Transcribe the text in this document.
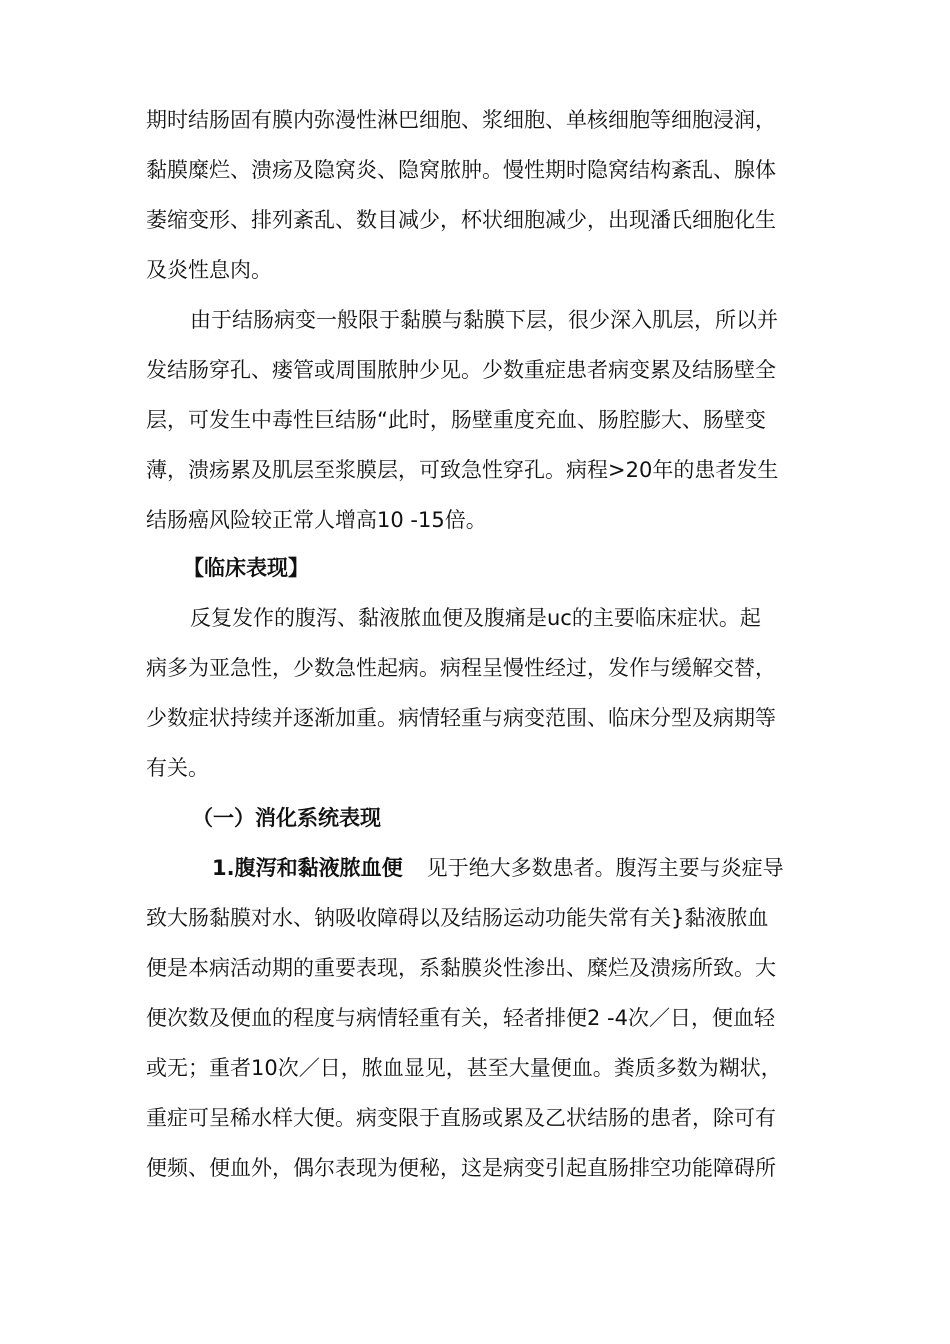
期时结肠固有膜内弥漫性淋巴细胞、浆细胞、单核细胞等细胞浸润，
黏膜糜烂、溃疡及隐窝炎、隐窝脓肿。慢性期时隐窝结构紊乱、腺体
萎缩变形、排列紊乱、数目减少，杯状细胞减少，出现潘氏细胞化生
及炎性息肉。
由于结肠病变一般限于黏膜与黏膜下层，很少深入肌层，所以并
发结肠穿孔、瘘管或周围脓肿少见。少数重症患者病变累及结肠壁全
层，可发生中毒性巨结肠“此时，肠壁重度充血、肠腔膨大、肠壁变
薄，溃疡累及肌层至浆膜层，可致急性穿孔。病程>20年的患者发生
结肠癌风险较正常人增高10 -15倍。
【临床表现】
反复发作的腹泻、黏液脓血便及腹痛是uc的主要临床症状。起
病多为亚急性，少数急性起病。病程呈慢性经过，发作与缓解交替，
少数症状持续并逐渐加重。病情轻重与病变范围、临床分型及病期等
有关。
（一）消化系统表现
1.腹泻和黏液脓血便 见于绝大多数患者。腹泻主要与炎症导
致大肠黏膜对水、钠吸收障碍以及结肠运动功能失常有关}黏液脓血
便是本病活动期的重要表现，系黏膜炎性渗出、糜烂及溃疡所致。大
便次数及便血的程度与病情轻重有关，轻者排便2 -4次／日，便血轻
或无；重者10次／日，脓血显见，甚至大量便血。粪质多数为糊状，
重症可呈稀水样大便。病变限于直肠或累及乙状结肠的患者，除可有
便频、便血外，偶尔表现为便秘，这是病变引起直肠排空功能障碍所
